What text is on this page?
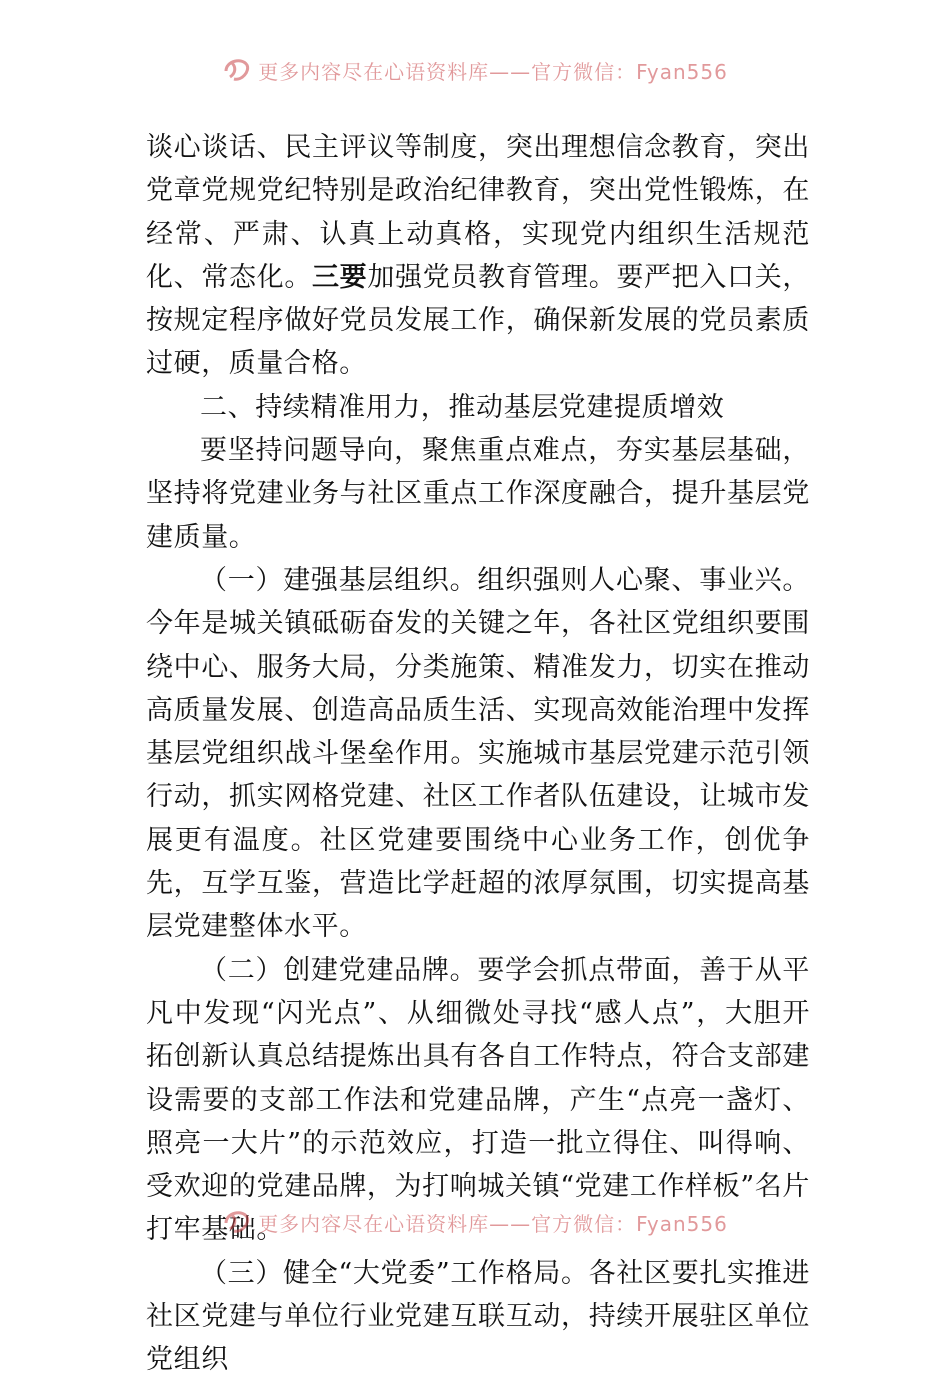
更多内容尽在心语资料库——官方微信：Fyan556

谈心谈话、民主评议等制度，突出理想信念教育，突出党章党规党纪特别是政治纪律教育，突出党性锻炼，在经常、严肃、认真上动真格，实现党内组织生活规范化、常态化。三要加强党员教育管理。要严把入口关，按规定程序做好党员发展工作，确保新发展的党员素质过硬，质量合格。

二、持续精准用力，推动基层党建提质增效

要坚持问题导向，聚焦重点难点，夯实基层基础，坚持将党建业务与社区重点工作深度融合，提升基层党建质量。

（一）建强基层组织。组织强则人心聚、事业兴。今年是城关镇砥砺奋发的关键之年，各社区党组织要围绕中心、服务大局，分类施策、精准发力，切实在推动高质量发展、创造高品质生活、实现高效能治理中发挥基层党组织战斗堡垒作用。实施城市基层党建示范引领行动，抓实网格党建、社区工作者队伍建设，让城市发展更有温度。社区党建要围绕中心业务工作，创优争先，互学互鉴，营造比学赶超的浓厚氛围，切实提高基层党建整体水平。

（二）创建党建品牌。要学会抓点带面，善于从平凡中发现“闪光点”、从细微处寻找“感人点”，大胆开拓创新认真总结提炼出具有各自工作特点，符合支部建设需要的支部工作法和党建品牌，产生“点亮一盏灯、照亮一大片”的示范效应，打造一批立得住、叫得响、受欢迎的党建品牌，为打响城关镇“党建工作样板”名片打牢基础。

（三）健全“大党委”工作格局。各社区要扎实推进社区党建与单位行业党建互联互动，持续开展驻区单位党组织

更多内容尽在心语资料库——官方微信：Fyan556
